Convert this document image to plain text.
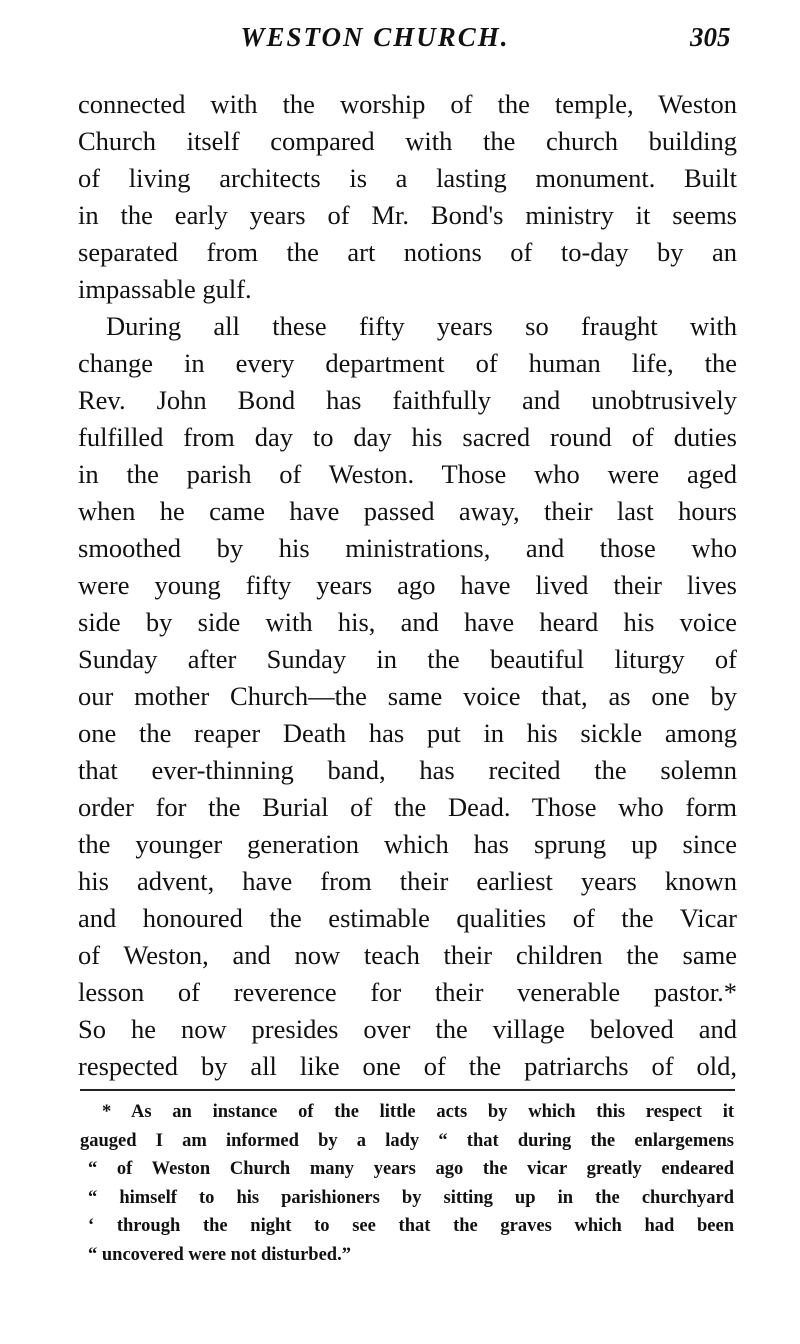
WESTON CHURCH.	305
connected with the worship of the temple, Weston
Church itself compared with the church building
of living architects is a lasting monument. Built
in the early years of Mr. Bond's ministry it seems
separated from the art notions of to-day by an
impassable gulf.
During all these fifty years so fraught with
change in every department of human life, the
Rev. John Bond has faithfully and unobtrusively
fulfilled from day to day his sacred round of duties
in the parish of Weston. Those who were aged
when he came have passed away, their last hours
smoothed by his ministrations, and those who
were young fifty years ago have lived their lives
side by side with his, and have heard his voice
Sunday after Sunday in the beautiful liturgy of
our mother Church—the same voice that, as one by
one the reaper Death has put in his sickle among
that ever-thinning band, has recited the solemn
order for the Burial of the Dead. Those who form
the younger generation which has sprung up since
his advent, have from their earliest years known
and honoured the estimable qualities of the Vicar
of Weston, and now teach their children the same
lesson of reverence for their venerable pastor.*
So he now presides over the village beloved and
respected by all like one of the patriarchs of old,
* As an instance of the little acts by which this respect it
gauged I am informed by a lady “ that during the enlargemens
“ of Weston Church many years ago the vicar greatly endeared
“ himself to his parishioners by sitting up in the churchyard
‘ through the night to see that the graves which had been
“ uncovered were not disturbed.”
